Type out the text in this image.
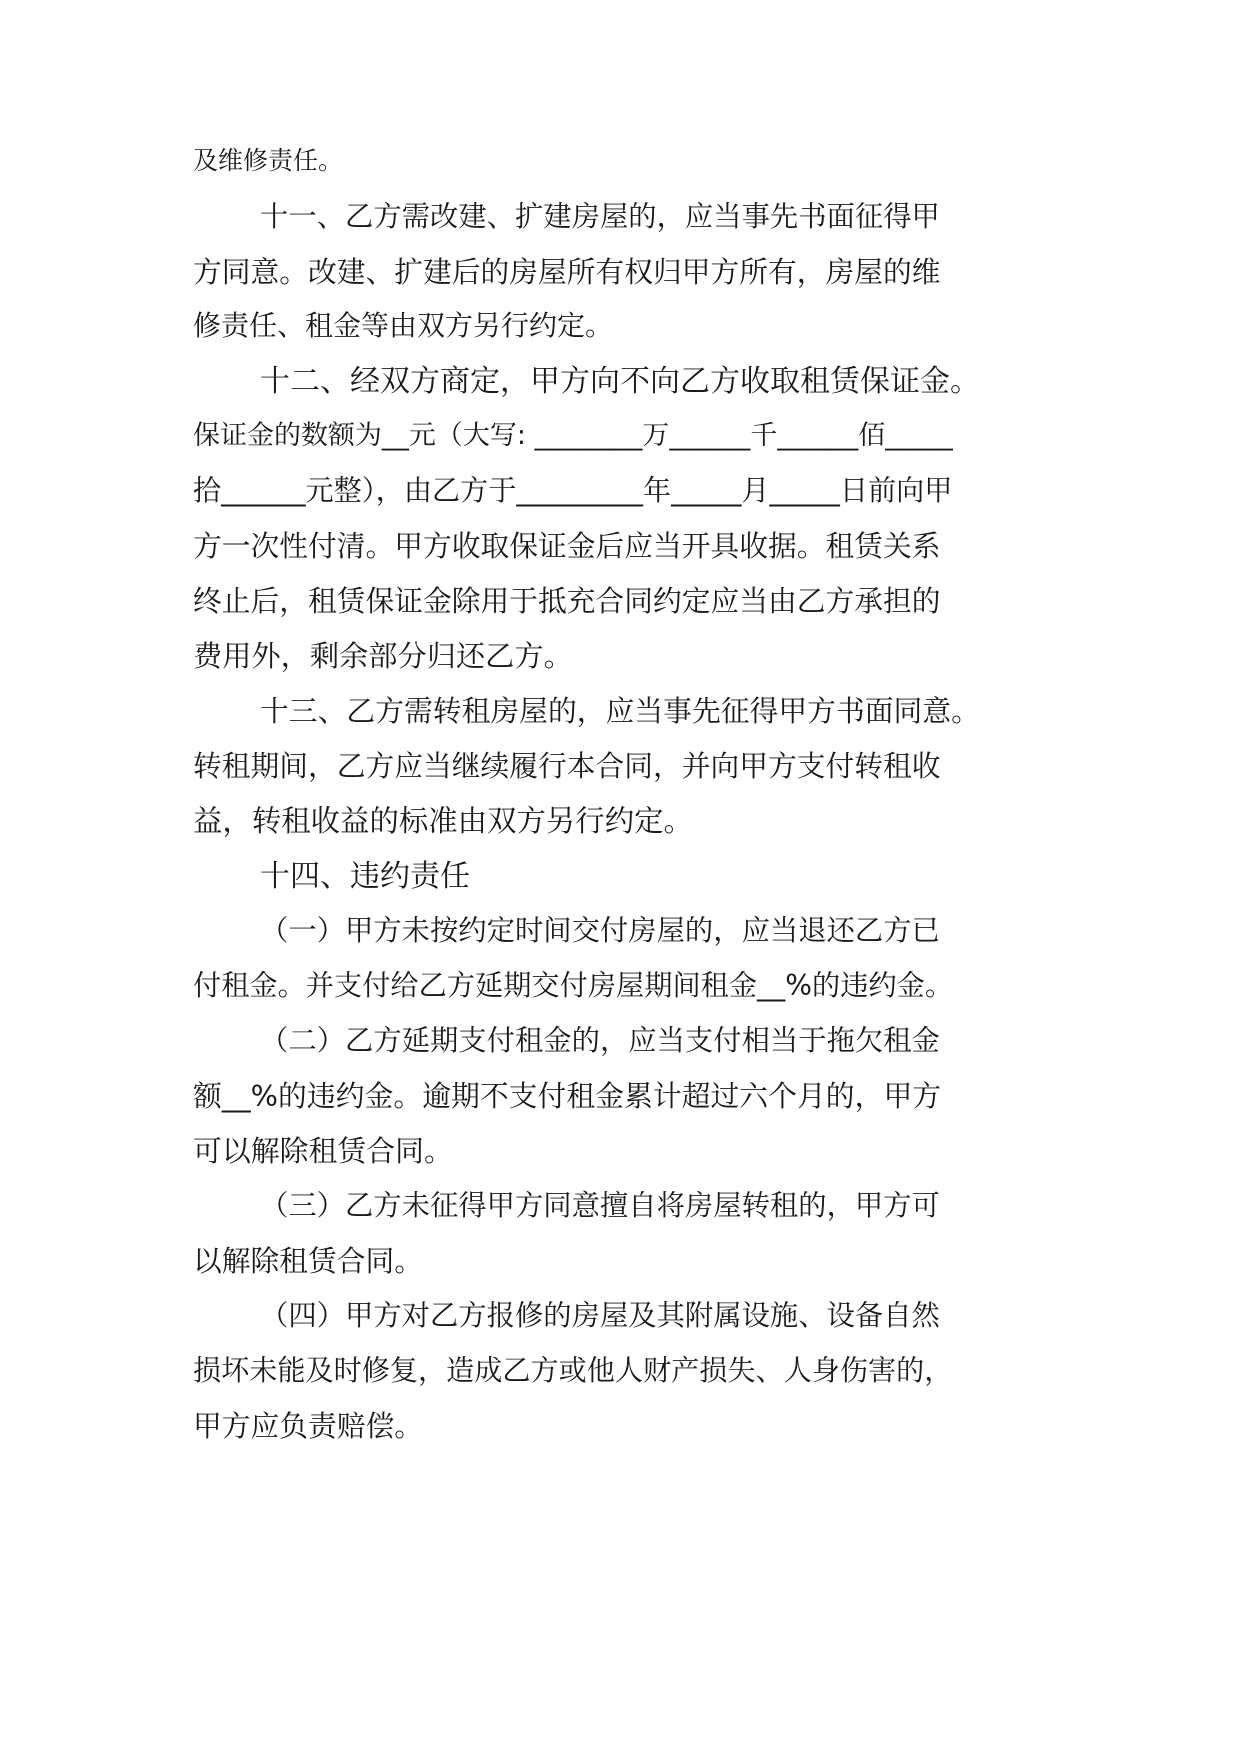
及维修责任。
十一、乙方需改建、扩建房屋的，应当事先书面征得甲
方同意。改建、扩建后的房屋所有权归甲方所有，房屋的维
修责任、租金等由双方另行约定。
十二、经双方商定，甲方向不向乙方收取租赁保证金。
保证金的数额为__元（大写: ________万______千______佰_____
拾______元整），由乙方于_________年_____月_____日前向甲
方一次性付清。甲方收取保证金后应当开具收据。租赁关系
终止后，租赁保证金除用于抵充合同约定应当由乙方承担的
费用外，剩余部分归还乙方。
十三、乙方需转租房屋的，应当事先征得甲方书面同意。
转租期间，乙方应当继续履行本合同，并向甲方支付转租收
益，转租收益的标准由双方另行约定。
十四、违约责任
（一）甲方未按约定时间交付房屋的，应当退还乙方已
付租金。并支付给乙方延期交付房屋期间租金__%的违约金。
（二）乙方延期支付租金的，应当支付相当于拖欠租金
额__%的违约金。逾期不支付租金累计超过六个月的，甲方
可以解除租赁合同。
（三）乙方未征得甲方同意擅自将房屋转租的，甲方可
以解除租赁合同。
（四）甲方对乙方报修的房屋及其附属设施、设备自然
损坏未能及时修复，造成乙方或他人财产损失、人身伤害的，
甲方应负责赔偿。
